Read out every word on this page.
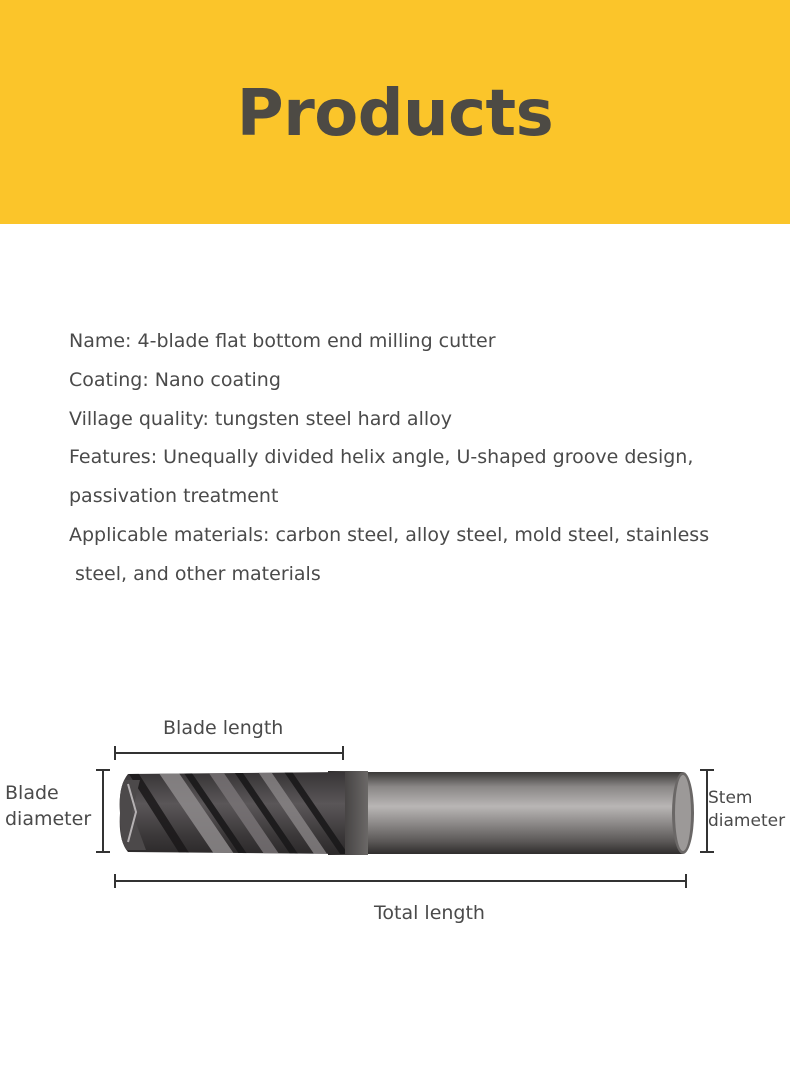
Products
Name: 4-blade flat bottom end milling cutter
Coating: Nano coating
Village quality: tungsten steel hard alloy
Features: Unequally divided helix angle, U-shaped groove design,
passivation treatment
Applicable materials: carbon steel, alloy steel, mold steel, stainless
steel, and other materials
Blade length
Blade
diameter
Stem
diameter
Total length
